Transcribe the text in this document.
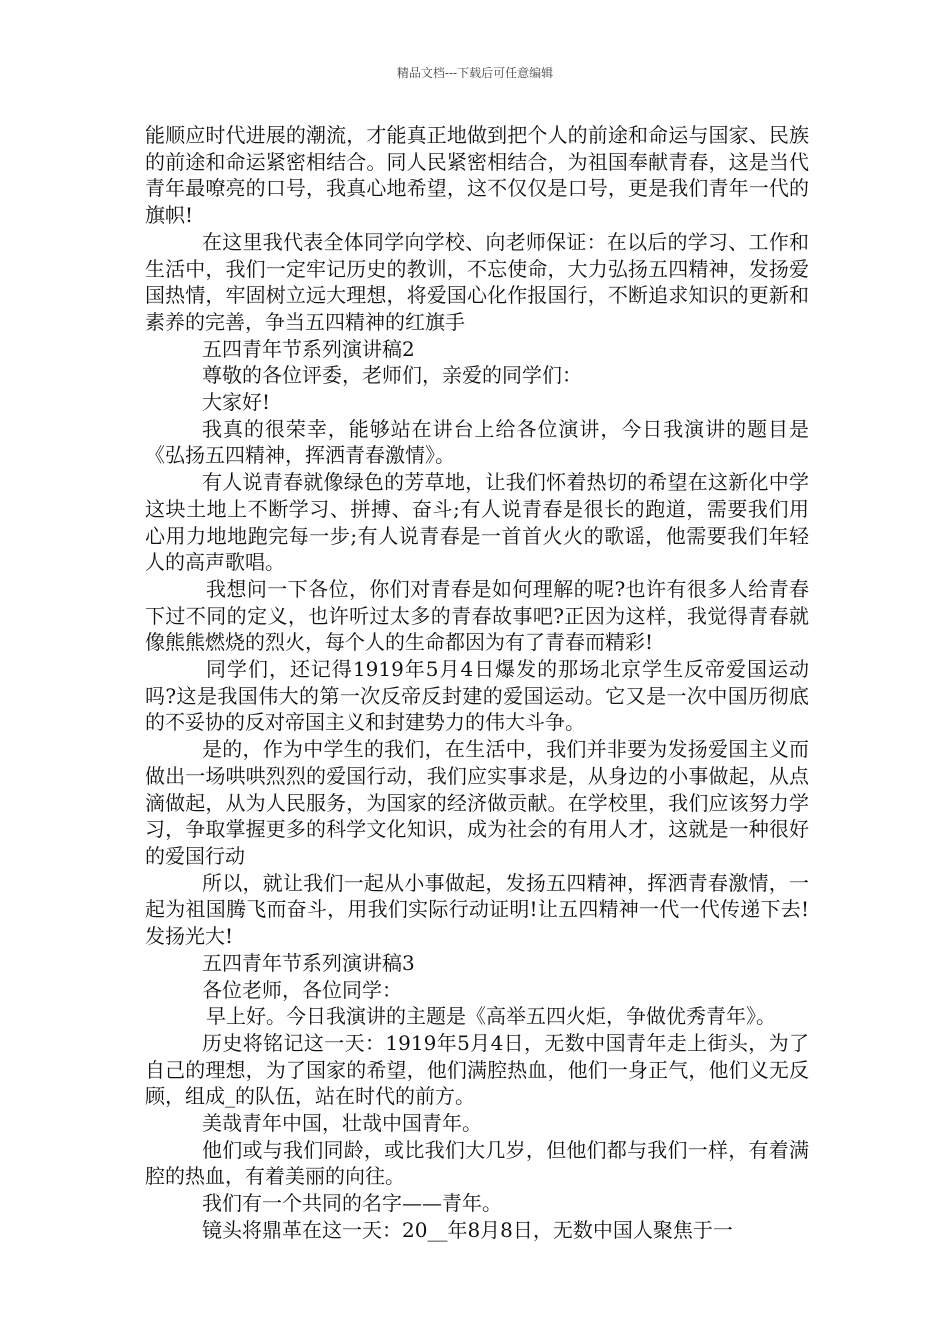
精品文档---下载后可任意编辑

能顺应时代进展的潮流，才能真正地做到把个人的前途和命运与国家、民族的前途和命运紧密相结合。同人民紧密相结合，为祖国奉献青春，这是当代青年最嘹亮的口号，我真心地希望，这不仅仅是口号，更是我们青年一代的旗帜!

在这里我代表全体同学向学校、向老师保证：在以后的学习、工作和生活中，我们一定牢记历史的教训，不忘使命，大力弘扬五四精神，发扬爱国热情，牢固树立远大理想，将爱国心化作报国行，不断追求知识的更新和素养的完善，争当五四精神的红旗手

五四青年节系列演讲稿2

尊敬的各位评委，老师们，亲爱的同学们：

大家好!

我真的很荣幸，能够站在讲台上给各位演讲，今日我演讲的题目是《弘扬五四精神，挥洒青春激情》。

有人说青春就像绿色的芳草地，让我们怀着热切的希望在这新化中学这块土地上不断学习、拼搏、奋斗;有人说青春是很长的跑道，需要我们用心用力地地跑完每一步;有人说青春是一首首火火的歌谣，他需要我们年轻人的高声歌唱。

我想问一下各位，你们对青春是如何理解的呢?也许有很多人给青春下过不同的定义，也许听过太多的青春故事吧?正因为这样，我觉得青春就像熊熊燃烧的烈火，每个人的生命都因为有了青春而精彩!

同学们，还记得1919年5月4日爆发的那场北京学生反帝爱国运动吗?这是我国伟大的第一次反帝反封建的爱国运动。它又是一次中国历彻底的不妥协的反对帝国主义和封建势力的伟大斗争。

是的，作为中学生的我们，在生活中，我们并非要为发扬爱国主义而做出一场哄哄烈烈的爱国行动，我们应实事求是，从身边的小事做起，从点滴做起，从为人民服务，为国家的经济做贡献。在学校里，我们应该努力学习，争取掌握更多的科学文化知识，成为社会的有用人才，这就是一种很好的爱国行动

所以，就让我们一起从小事做起，发扬五四精神，挥洒青春激情，一起为祖国腾飞而奋斗，用我们实际行动证明!让五四精神一代一代传递下去!发扬光大!

五四青年节系列演讲稿3

各位老师，各位同学：

早上好。今日我演讲的主题是《高举五四火炬，争做优秀青年》。

历史将铭记这一天：1919年5月4日，无数中国青年走上街头，为了自己的理想，为了国家的希望，他们满腔热血，他们一身正气，他们义无反顾，组成_的队伍，站在时代的前方。

美哉青年中国，壮哉中国青年。

他们或与我们同龄，或比我们大几岁，但他们都与我们一样，有着满腔的热血，有着美丽的向往。

我们有一个共同的名字——青年。

镜头将鼎革在这一天：20__年8月8日，无数中国人聚焦于一
